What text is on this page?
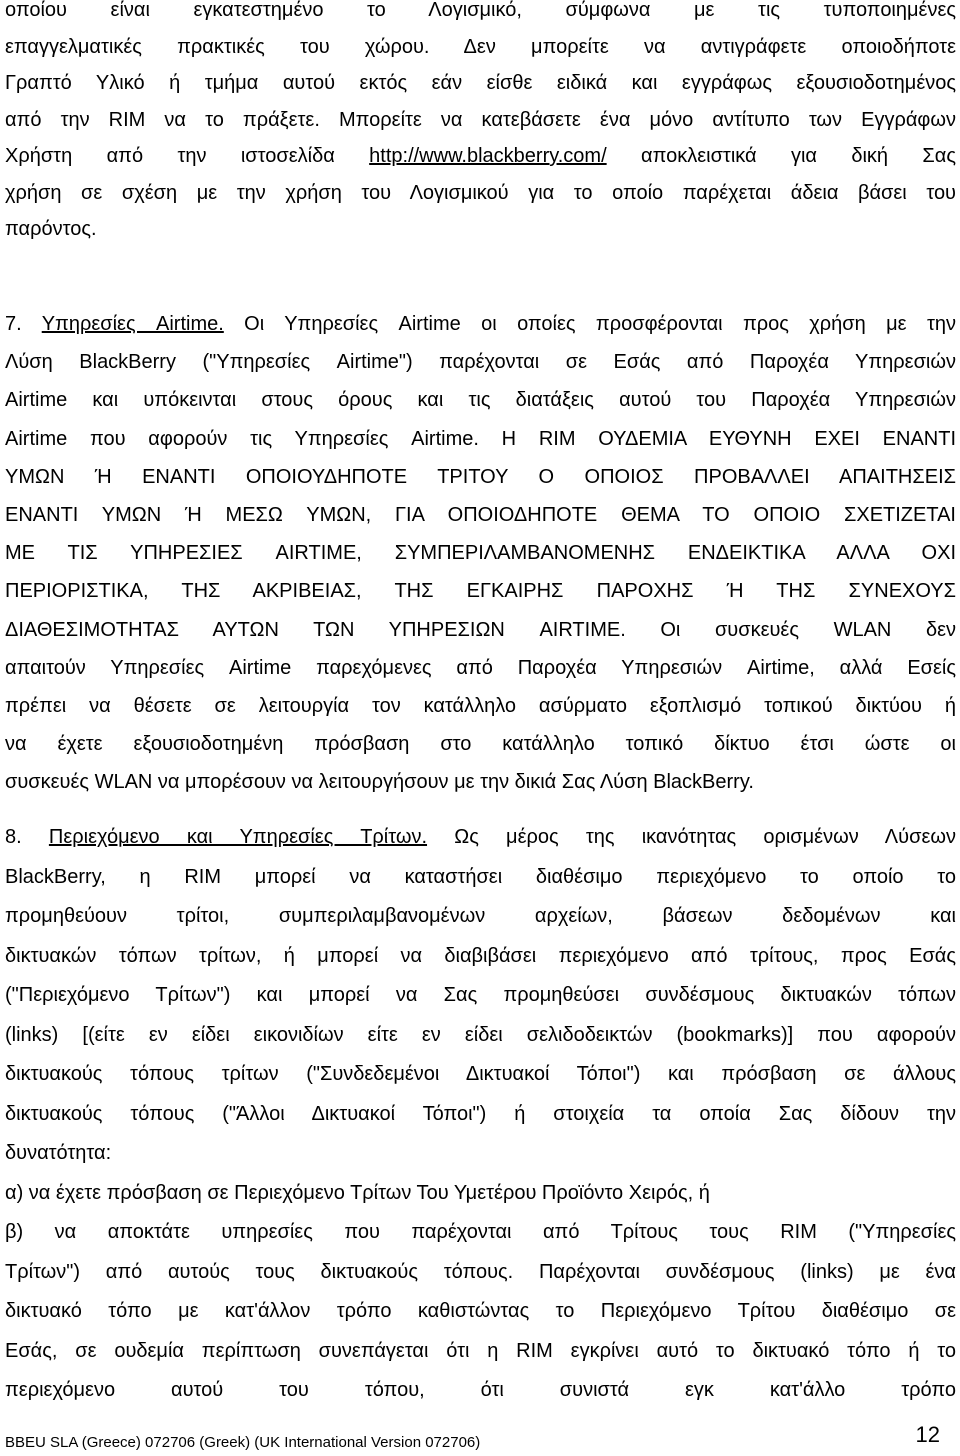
οποίου είναι εγκατεστημένο το Λογισμικό, σύμφωνα με τις τυποποιημένες
επαγγελματικές πρακτικές του χώρου. Δεν μπορείτε να αντιγράφετε οποιοδήποτε
Γραπτό Υλικό ή τμήμα αυτού εκτός εάν είσθε ειδικά και εγγράφως εξουσιοδοτημένος
από την RIM να το πράξετε. Μπορείτε να κατεβάσετε ένα μόνο αντίτυπο των Εγγράφων
Χρήστη από την ιστοσελίδα http://www.blackberry.com/ αποκλειστικά για δική Σας
χρήση σε σχέση με την χρήση του Λογισμικού για το οποίο παρέχεται άδεια βάσει του
παρόντος.
7. Υπηρεσίες Airtime. Οι Υπηρεσίες Airtime οι οποίες προσφέρονται προς χρήση με την
Λύση BlackBerry ("Υπηρεσίες Airtime") παρέχονται σε Εσάς από Παροχέα Υπηρεσιών
Airtime και υπόκεινται στους όρους και τις διατάξεις αυτού του Παροχέα Υπηρεσιών
Airtime που αφορούν τις Υπηρεσίες Airtime. Η RIM ΟΥΔΕΜΙΑ ΕΥΘΥΝΗ ΕΧΕΙ ΕΝΑΝΤΙ
ΥΜΩΝ Ή ΕΝΑΝΤΙ ΟΠΟΙΟΥΔΗΠΟΤΕ ΤΡΙΤΟΥ Ο ΟΠΟΙΟΣ ΠΡΟΒΑΛΛΕΙ ΑΠΑΙΤΗΣΕΙΣ
ΕΝΑΝΤΙ ΥΜΩΝ Ή ΜΕΣΩ ΥΜΩΝ, ΓΙΑ ΟΠΟΙΟΔΗΠΟΤΕ ΘΕΜΑ ΤΟ ΟΠΟΙΟ ΣΧΕΤΙΖΕΤΑΙ
ΜΕ ΤΙΣ ΥΠΗΡΕΣΙΕΣ AIRTIME, ΣΥΜΠΕΡΙΛΑΜΒΑΝΟΜΕΝΗΣ ΕΝΔΕΙΚΤΙΚΑ ΑΛΛΑ ΟΧΙ
ΠΕΡΙΟΡΙΣΤΙΚΑ, ΤΗΣ ΑΚΡΙΒΕΙΑΣ, ΤΗΣ ΕΓΚΑΙΡΗΣ ΠΑΡΟΧΗΣ Ή ΤΗΣ ΣΥΝΕΧΟΥΣ
ΔΙΑΘΕΣΙΜΟΤΗΤΑΣ ΑΥΤΩΝ ΤΩΝ ΥΠΗΡΕΣΙΩΝ AIRTIME. Οι συσκευές WLAN δεν
απαιτούν Υπηρεσίες Airtime παρεχόμενες από Παροχέα Υπηρεσιών Airtime, αλλά Εσείς
πρέπει να θέσετε σε λειτουργία τον κατάλληλο ασύρματο εξοπλισμό τοπικού δικτύου ή
να έχετε εξουσιοδοτημένη πρόσβαση στο κατάλληλο τοπικό δίκτυο έτσι ώστε οι
συσκευές WLAN να μπορέσουν να λειτουργήσουν με την δικιά Σας Λύση BlackBerry.
8. Περιεχόμενο και Υπηρεσίες Τρίτων. Ως μέρος της ικανότητας ορισμένων Λύσεων
BlackBerry, η RIM μπορεί να καταστήσει διαθέσιμο περιεχόμενο το οποίο το
προμηθεύουν τρίτοι, συμπεριλαμβανομένων αρχείων, βάσεων δεδομένων και
δικτυακών τόπων τρίτων, ή μπορεί να διαβιβάσει περιεχόμενο από τρίτους, προς Εσάς
("Περιεχόμενο Τρίτων") και μπορεί να Σας προμηθεύσει συνδέσμους δικτυακών τόπων
(links) [(είτε εν είδει εικονιδίων είτε εν είδει σελιδοδεικτών (bookmarks)] που αφορούν
δικτυακούς τόπους τρίτων ("Συνδεδεμένοι Δικτυακοί Τόποι") και πρόσβαση σε άλλους
δικτυακούς τόπους ("Άλλοι Δικτυακοί Τόποι") ή στοιχεία τα οποία Σας δίδουν την
δυνατότητα:
α) να έχετε πρόσβαση σε Περιεχόμενο Τρίτων Του Υμετέρου Προϊόντο Χειρός, ή
β) να αποκτάτε υπηρεσίες που παρέχονται από Τρίτους τους RIM ("Υπηρεσίες
Τρίτων") από αυτούς τους δικτυακούς τόπους. Παρέχονται συνδέσμους (links) με ένα
δικτυακό τόπο με κατ'άλλον τρόπο καθιστώντας το Περιεχόμενο Τρίτου διαθέσιμο σε
Εσάς, σε ουδεμία περίπτωση συνεπάγεται ότι η RIM εγκρίνει αυτό το δικτυακό τόπο ή το
περιεχόμενο αυτού του τόπου, ότι συνιστά εγκ κατ'άλλο τρόπο
BBEU SLA (Greece) 072706 (Greek) (UK International Version 072706)	12
